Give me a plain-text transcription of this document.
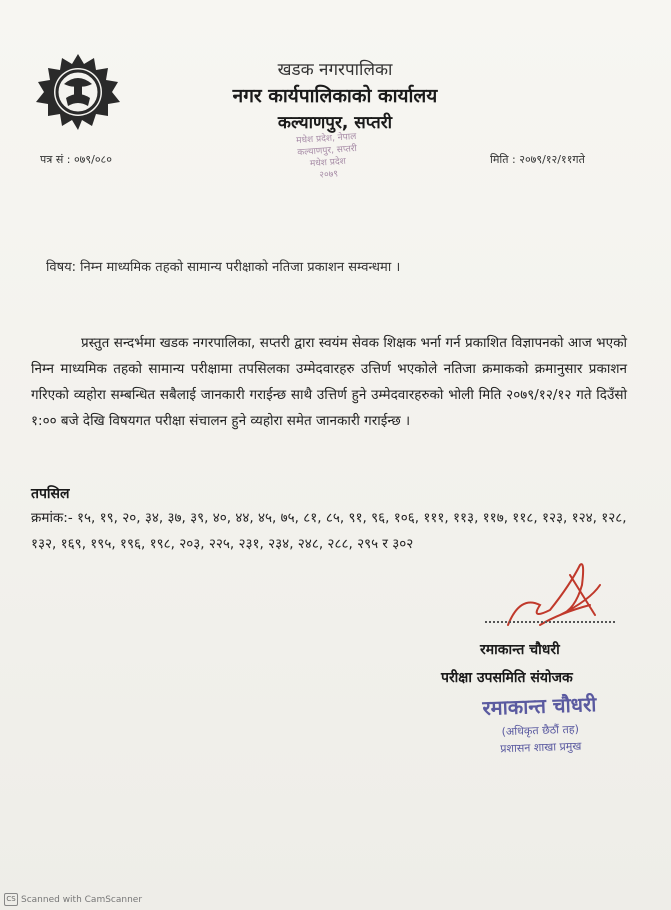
खडक नगरपालिका
नगर कार्यपालिकाको कार्यालय
कल्याणपुर, सप्तरी
मधेश प्रदेश, नेपाल
कल्याणपुर, सप्तरी
मधेश प्रदेश
२०७९
पत्र सं : ०७९/०८०	मिति : २०७९/१२/११गते
विषय: निम्न माध्यमिक तहको सामान्य परीक्षाको नतिजा प्रकाशन सम्वन्धमा ।
प्रस्तुत सन्दर्भमा खडक नगरपालिका, सप्तरी द्वारा स्वयंम सेवक शिक्षक भर्ना गर्न प्रकाशित विज्ञापनको आज भएको निम्न माध्यमिक तहको सामान्य परीक्षामा तपसिलका उम्मेदवारहरु उत्तिर्ण भएकोले नतिजा क्रमाकको क्रमानुसार प्रकाशन गरिएको व्यहोरा सम्बन्धित सबैलाई जानकारी गराईन्छ साथै उत्तिर्ण हुने उम्मेदवारहरुको भोली मिति २०७९/१२/१२ गते दिउँसो १:०० बजे देखि विषयगत परीक्षा संचालन हुने व्यहोरा समेत जानकारी गराईन्छ ।
तपसिल
क्रमांक:- १५, १९, २०, ३४, ३७, ३९, ४०, ४४, ४५, ७५, ८१, ८५, ९१, ९६, १०६, १११, ११३, ११७, ११८, १२३, १२४, १२८, १३२, १६९, १९५, १९६, १९८, २०३, २२५, २३१, २३४, २४८, २८८, २९५ र ३०२
रमाकान्त चौधरी
परीक्षा उपसमिति संयोजक
रमाकान्त चौधरी
(अधिकृत छैठौं तह)
प्रशासन शाखा प्रमुख
CS Scanned with CamScanner
